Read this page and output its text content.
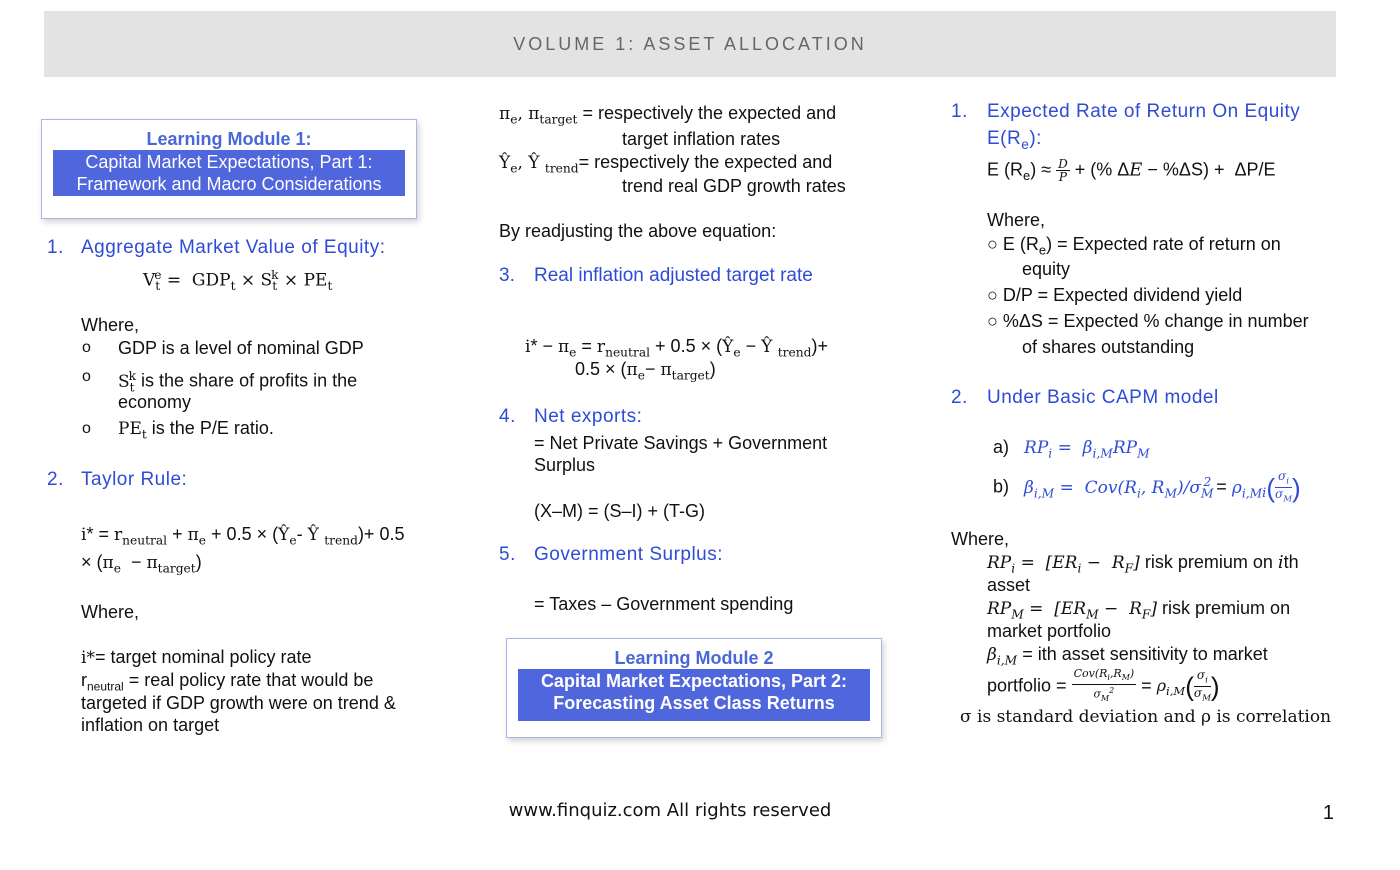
VOLUME 1: ASSET ALLOCATION
Learning Module 1:
Capital Market Expectations, Part 1:
Framework and Macro Considerations
1. Aggregate Market Value of Equity:
$V_t^e = GDP_t \times S_t^k \times PE_t$
Where,
o GDP is a level of nominal GDP
o $S_t^k$ is the share of profits in the
economy
o $PE_t$ is the P/E ratio.
2. Taylor Rule:
$i* = r_{neutral} + \pi_e + 0.5$ × ($Ŷ_e-$ Ŷ $_{trend}$)+ 0.5
× $(\pi_e - \pi_{target})$
Where,
i*= target nominal policy rate
$r_{neutral}$ = real policy rate that would be
targeted if GDP growth were on trend &
inflation on target
$\pi_e$, $\pi_{target}$ = respectively the expected and
target inflation rates
$Ŷ_e$, Ŷ $_{trend}$= respectively the expected and
trend real GDP growth rates
By readjusting the above equation:
3. Real inflation adjusted target rate
$i* - \pi_e = r_{neutral} + 0.5$ × ($Ŷ_e$ − Ŷ $_{trend}$)+
$0.5 \times (\pi_e- \pi_{target})$
4. Net exports:
= Net Private Savings + Government
Surplus
(X–M) = (S–I) + (T-G)
5. Government Surplus:
= Taxes – Government spending
Learning Module 2
Capital Market Expectations, Part 2:
Forecasting Asset Class Returns
1. Expected Rate of Return On Equity
$E(R_e)$:
E $(R_e) \approx \frac{D}{P}$ + (% ΔE − %ΔS) +  ΔP/E
Where,
○ E $(R_e)$ = Expected rate of return on
equity
○ D/P = Expected dividend yield
○ %ΔS = Expected % change in number
of shares outstanding
2. Under Basic CAPM model
a) $RP_i = \beta_{i,M}RP_M$
b) $\beta_{i,M} = Cov(R_i$, $R_M)/\sigma_M^2 = \rho_{i,Mi}( \frac{\sigma_i}{\sigma_M}$ )
Where,
$RP_i = [ER_i - R_F]$ risk premium on ith
asset
$RP_M = [ER_M - R_F]$ risk premium on
market portfolio
$\beta_{i,M}$ = ith asset sensitivity to market
portfolio = $\frac{Cov(R_i,R_M)}{\sigma_M^2} = \rho_{i,M}( \frac{\sigma_i}{\sigma_M}$ )
σ is standard deviation and ρ is correlation
www.finquiz.com All rights reserved	1
